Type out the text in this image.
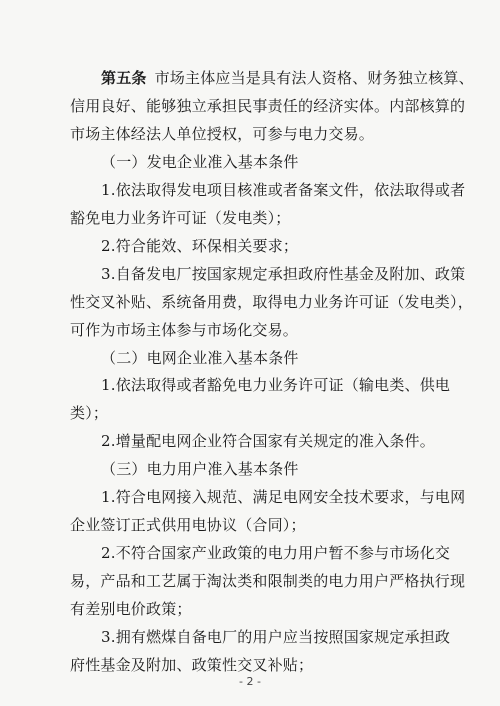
第五条 市场主体应当是具有法人资格、财务独立核算、
信用良好、能够独立承担民事责任的经济实体。内部核算的
市场主体经法人单位授权，可参与电力交易。
（一）发电企业准入基本条件
1.依法取得发电项目核准或者备案文件，依法取得或者
豁免电力业务许可证（发电类）；
2.符合能效、环保相关要求；
3.自备发电厂按国家规定承担政府性基金及附加、政策
性交叉补贴、系统备用费，取得电力业务许可证（发电类），
可作为市场主体参与市场化交易。
（二）电网企业准入基本条件
1.依法取得或者豁免电力业务许可证（输电类、供电
类）；
2.增量配电网企业符合国家有关规定的准入条件。
（三）电力用户准入基本条件
1.符合电网接入规范、满足电网安全技术要求，与电网
企业签订正式供用电协议（合同）；
2.不符合国家产业政策的电力用户暂不参与市场化交
易，产品和工艺属于淘汰类和限制类的电力用户严格执行现
有差别电价政策；
3.拥有燃煤自备电厂的用户应当按照国家规定承担政
府性基金及附加、政策性交叉补贴；
- 2 -
